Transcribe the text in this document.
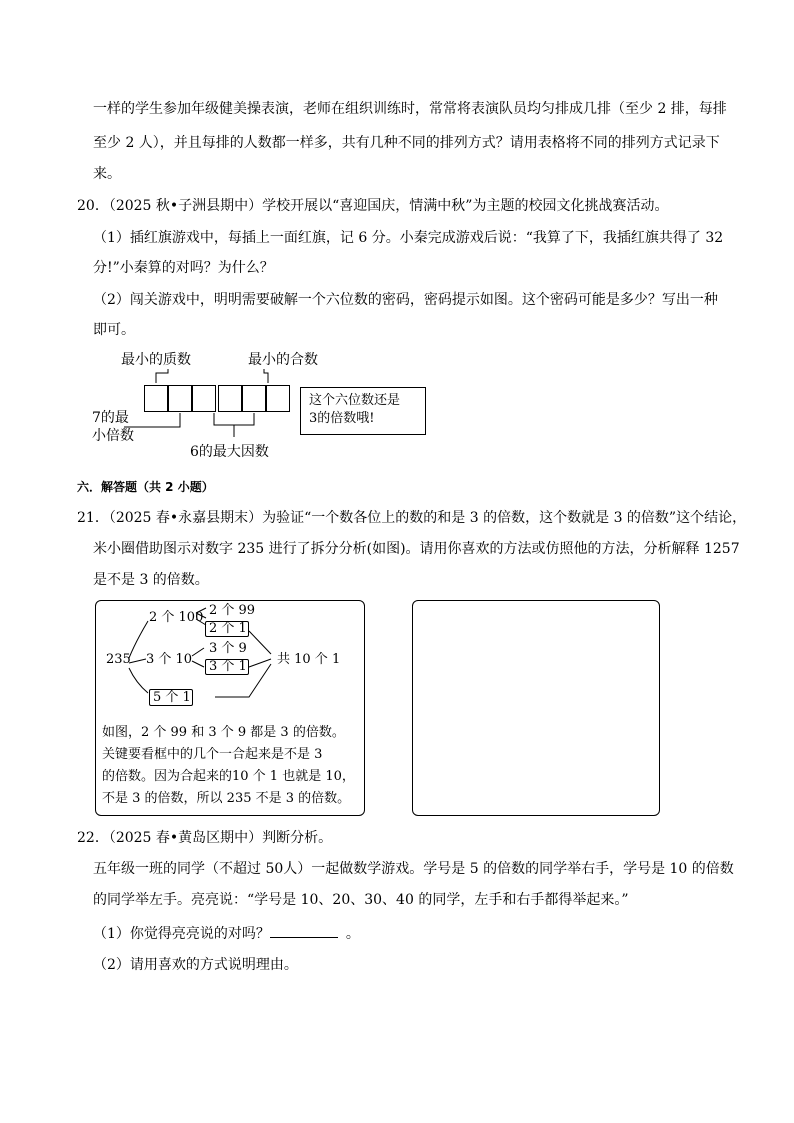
一样的学生参加年级健美操表演，老师在组织训练时，常常将表演队员均匀排成几排（至少 2 排，每排
至少 2 人），并且每排的人数都一样多，共有几种不同的排列方式？请用表格将不同的排列方式记录下
来。
20．（2025 秋•子洲县期中）学校开展以“喜迎国庆，情满中秋”为主题的校园文化挑战赛活动。
（1）插红旗游戏中，每插上一面红旗，记 6 分。小秦完成游戏后说：“我算了下，我插红旗共得了 32
分!”小秦算的对吗？为什么？
（2）闯关游戏中，明明需要破解一个六位数的密码，密码提示如图。这个密码可能是多少？写出一种
即可。
最小的质数	最小的合数
7的最
小倍数
6的最大因数
这个六位数还是
3的倍数哦!
六．解答题（共 2 小题）
21．（2025 春•永嘉县期末）为验证“一个数各位上的数的和是 3 的倍数，这个数就是 3 的倍数”这个结论，
米小圈借助图示对数字 235 进行了拆分分析(如图)。请用你喜欢的方法或仿照他的方法，分析解释 1257
是不是 3 的倍数。
235
2 个 100 2 个 99
2 个 1
3 个 10
3 个 9
3 个 1
5 个 1
共 10 个 1
如图，2 个 99 和 3 个 9 都是 3 的倍数。
关键要看框中的几个一合起来是不是 3
的倍数。因为合起来的10 个 1 也就是 10，
不是 3 的倍数，所以 235 不是 3 的倍数。
22．（2025 春•黄岛区期中）判断分析。
五年级一班的同学（不超过 50人）一起做数学游戏。学号是 5 的倍数的同学举右手，学号是 10 的倍数
的同学举左手。亮亮说：“学号是 10、20、30、40 的同学，左手和右手都得举起来。”
（1）你觉得亮亮说的对吗？	。
（2）请用喜欢的方式说明理由。
